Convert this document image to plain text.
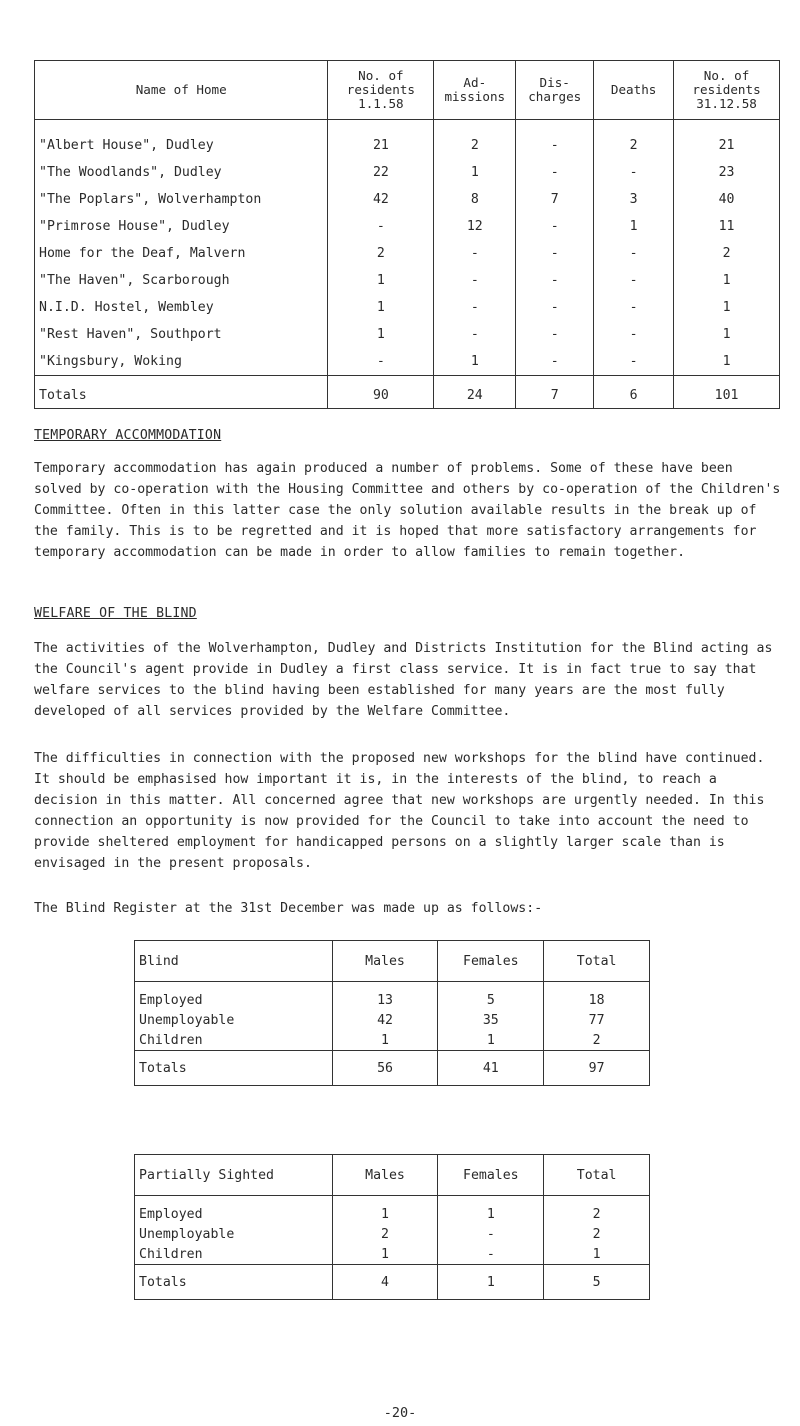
Name of Home	No. of residents 1.1.58	Ad- missions	Dis- charges	Deaths	No. of residents 31.12.58
"Albert House", Dudley	21	2	-	2	21
"The Woodlands", Dudley	22	1	-	-	23
"The Poplars", Wolverhampton	42	8	7	3	40
"Primrose House", Dudley	-	12	-	1	11
Home for the Deaf, Malvern	2	-	-	-	2
"The Haven", Scarborough	1	-	-	-	1
N.I.D. Hostel, Wembley	1	-	-	-	1
"Rest Haven", Southport	1	-	-	-	1
"Kingsbury, Woking	-	1	-	-	1
Totals	90	24	7	6	101
TEMPORARY ACCOMMODATION

Temporary accommodation has again produced a number of problems. Some of these have been solved by co-operation with the Housing Committee and others by co-operation of the Children's Committee. Often in this latter case the only solution available results in the break up of the family. This is to be regretted and it is hoped that more satisfactory arrangements for temporary accommodation can be made in order to allow families to remain together.

WELFARE OF THE BLIND

The activities of the Wolverhampton, Dudley and Districts Institution for the Blind acting as the Council's agent provide in Dudley a first class service. It is in fact true to say that welfare services to the blind having been established for many years are the most fully developed of all services provided by the Welfare Committee.

The difficulties in connection with the proposed new workshops for the blind have continued. It should be emphasised how important it is, in the interests of the blind, to reach a decision in this matter. All concerned agree that new workshops are urgently needed. In this connection an opportunity is now provided for the Council to take into account the need to provide sheltered employment for handicapped persons on a slightly larger scale than is envisaged in the present proposals.

The Blind Register at the 31st December was made up as follows:-

Blind	Males	Females	Total
Employed	13	5	18
Unemployable	42	35	77
Children	1	1	2
Totals	56	41	97
Partially Sighted	Males	Females	Total
Employed	1	1	2
Unemployable	2	-	2
Children	1	-	1
Totals	4	1	5
-20-
